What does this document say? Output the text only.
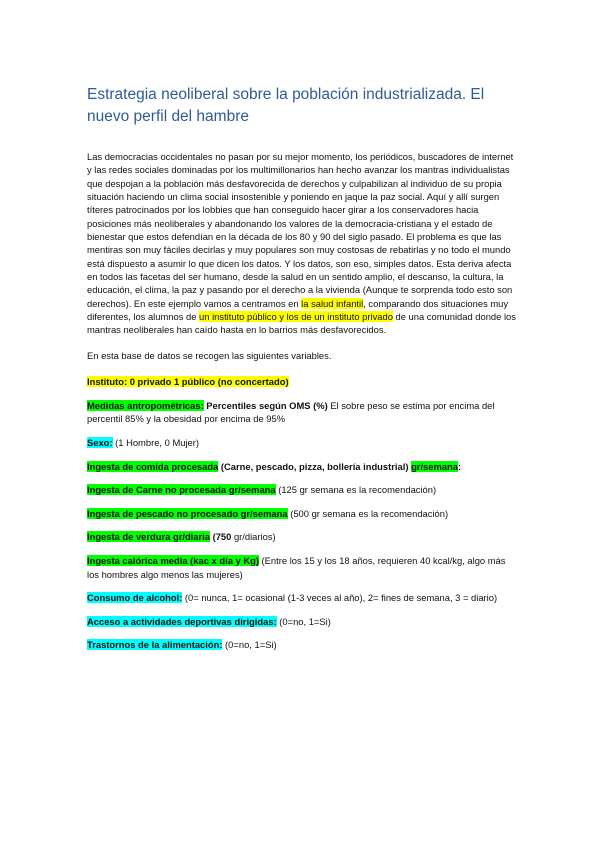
Estrategia neoliberal sobre la población industrializada. El nuevo perfil del hambre

Las democracias occidentales no pasan por su mejor momento, los periódicos, buscadores de internet y las redes sociales dominadas por los multimillonarios han hecho avanzar los mantras individualistas que despojan a la población más desfavorecida de derechos y culpabilizan al individuo de su propia situación haciendo un clima social insostenible y poniendo en jaque la paz social. Aquí y allí surgen títeres patrocinados por los lobbies que han conseguido hacer girar a los conservadores hacia posiciones más neoliberales y abandonando los valores de la democracia-cristiana y el estado de bienestar que estos defendían en la década de los 80 y 90 del siglo pasado. El problema es que las mentiras son muy fáciles decirlas y muy populares son muy costosas de rebatirlas y no todo el mundo está dispuesto a asumir lo que dicen los datos. Y los datos, son eso, simples datos. Esta deriva afecta en todos las facetas del ser humano, desde la salud en un sentido amplio, el descanso, la cultura, la educación, el clima, la paz y pasando por el derecho a la vivienda (Aunque te sorprenda todo esto son derechos). En este ejemplo vamos a centramos en la salud infantil, comparando dos situaciones muy diferentes, los alumnos de un instituto público y los de un instituto privado de una comunidad donde los mantras neoliberales han caído hasta en lo barrios más desfavorecidos.

En esta base de datos se recogen las siguientes variables.

Instituto: 0 privado 1 público (no concertado)

Medidas antropométricas: Percentiles según OMS (%) El sobre peso se estima por encima del percentil 85% y la obesidad por encima de 95%

Sexo: (1 Hombre, 0 Mujer)

Ingesta de comida procesada (Carne, pescado, pizza, bollería industrial) gr/semana:

Ingesta de Carne no procesada gr/semana (125 gr semana es la recomendación)

Ingesta de pescado no procesado gr/semana (500 gr semana es la recomendación)

Ingesta de verdura gr/diaria (750 gr/diarios)

Ingesta calórica media (kac x día y Kg) (Entre los 15 y los 18 años, requieren 40 kcal/kg, algo más los hombres algo menos las mujeres)

Consumo de alcohol: (0= nunca, 1= ocasional (1-3 veces al año), 2= fines de semana, 3 = diario)

Acceso a actividades deportivas dirigidas: (0=no, 1=Si)

Trastornos de la alimentación: (0=no, 1=Si)
